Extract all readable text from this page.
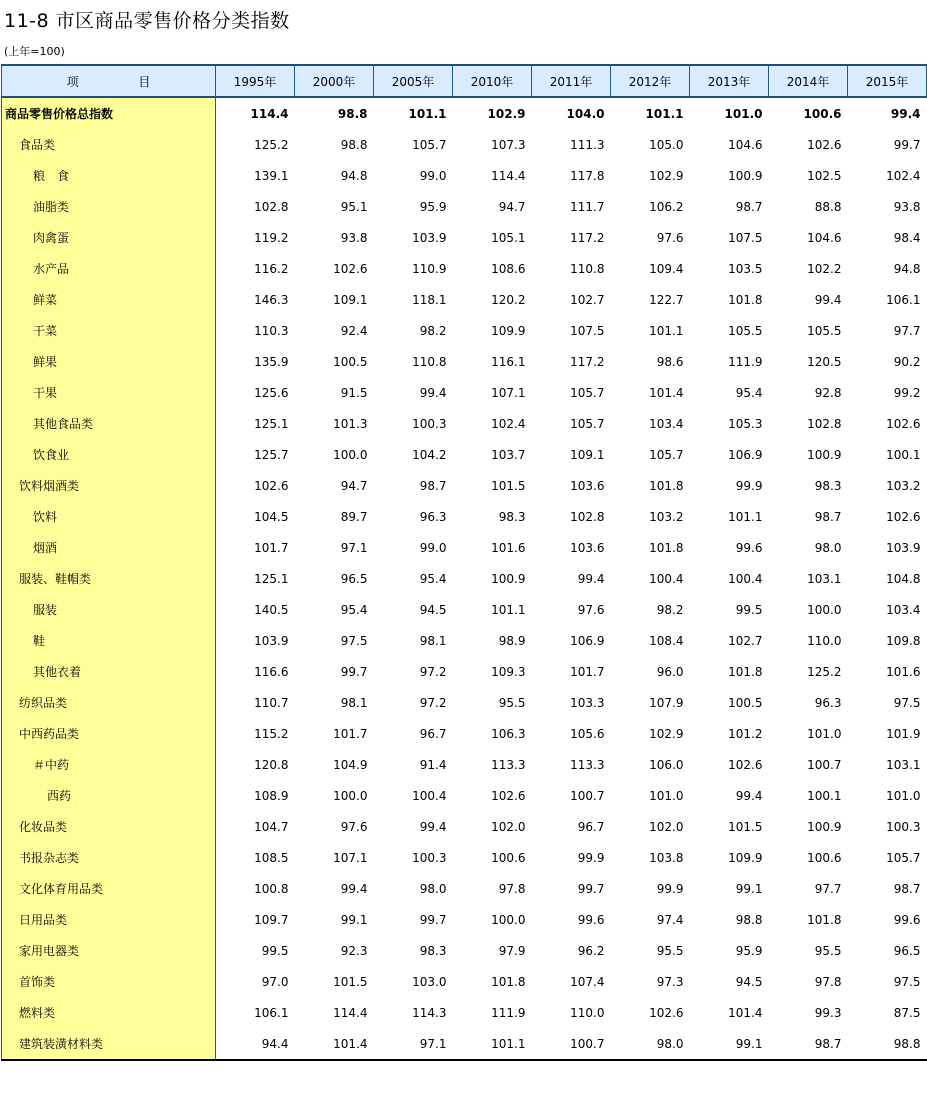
11-8 市区商品零售价格分类指数
(上年=100)
项 目	1995年	2000年	2005年	2010年	2011年	2012年	2013年	2014年	2015年
商品零售价格总指数	114.4	98.8	101.1	102.9	104.0	101.1	101.0	100.6	99.4
食品类	125.2	98.8	105.7	107.3	111.3	105.0	104.6	102.6	99.7
粮　食	139.1	94.8	99.0	114.4	117.8	102.9	100.9	102.5	102.4
油脂类	102.8	95.1	95.9	94.7	111.7	106.2	98.7	88.8	93.8
肉禽蛋	119.2	93.8	103.9	105.1	117.2	97.6	107.5	104.6	98.4
水产品	116.2	102.6	110.9	108.6	110.8	109.4	103.5	102.2	94.8
鲜菜	146.3	109.1	118.1	120.2	102.7	122.7	101.8	99.4	106.1
干菜	110.3	92.4	98.2	109.9	107.5	101.1	105.5	105.5	97.7
鲜果	135.9	100.5	110.8	116.1	117.2	98.6	111.9	120.5	90.2
干果	125.6	91.5	99.4	107.1	105.7	101.4	95.4	92.8	99.2
其他食品类	125.1	101.3	100.3	102.4	105.7	103.4	105.3	102.8	102.6
饮食业	125.7	100.0	104.2	103.7	109.1	105.7	106.9	100.9	100.1
饮料烟酒类	102.6	94.7	98.7	101.5	103.6	101.8	99.9	98.3	103.2
饮料	104.5	89.7	96.3	98.3	102.8	103.2	101.1	98.7	102.6
烟酒	101.7	97.1	99.0	101.6	103.6	101.8	99.6	98.0	103.9
服装、鞋帽类	125.1	96.5	95.4	100.9	99.4	100.4	100.4	103.1	104.8
服装	140.5	95.4	94.5	101.1	97.6	98.2	99.5	100.0	103.4
鞋	103.9	97.5	98.1	98.9	106.9	108.4	102.7	110.0	109.8
其他衣着	116.6	99.7	97.2	109.3	101.7	96.0	101.8	125.2	101.6
纺织品类	110.7	98.1	97.2	95.5	103.3	107.9	100.5	96.3	97.5
中西药品类	115.2	101.7	96.7	106.3	105.6	102.9	101.2	101.0	101.9
＃中药	120.8	104.9	91.4	113.3	113.3	106.0	102.6	100.7	103.1
西药	108.9	100.0	100.4	102.6	100.7	101.0	99.4	100.1	101.0
化妆品类	104.7	97.6	99.4	102.0	96.7	102.0	101.5	100.9	100.3
书报杂志类	108.5	107.1	100.3	100.6	99.9	103.8	109.9	100.6	105.7
文化体育用品类	100.8	99.4	98.0	97.8	99.7	99.9	99.1	97.7	98.7
日用品类	109.7	99.1	99.7	100.0	99.6	97.4	98.8	101.8	99.6
家用电器类	99.5	92.3	98.3	97.9	96.2	95.5	95.9	95.5	96.5
首饰类	97.0	101.5	103.0	101.8	107.4	97.3	94.5	97.8	97.5
燃料类	106.1	114.4	114.3	111.9	110.0	102.6	101.4	99.3	87.5
建筑装潢材料类	94.4	101.4	97.1	101.1	100.7	98.0	99.1	98.7	98.8
